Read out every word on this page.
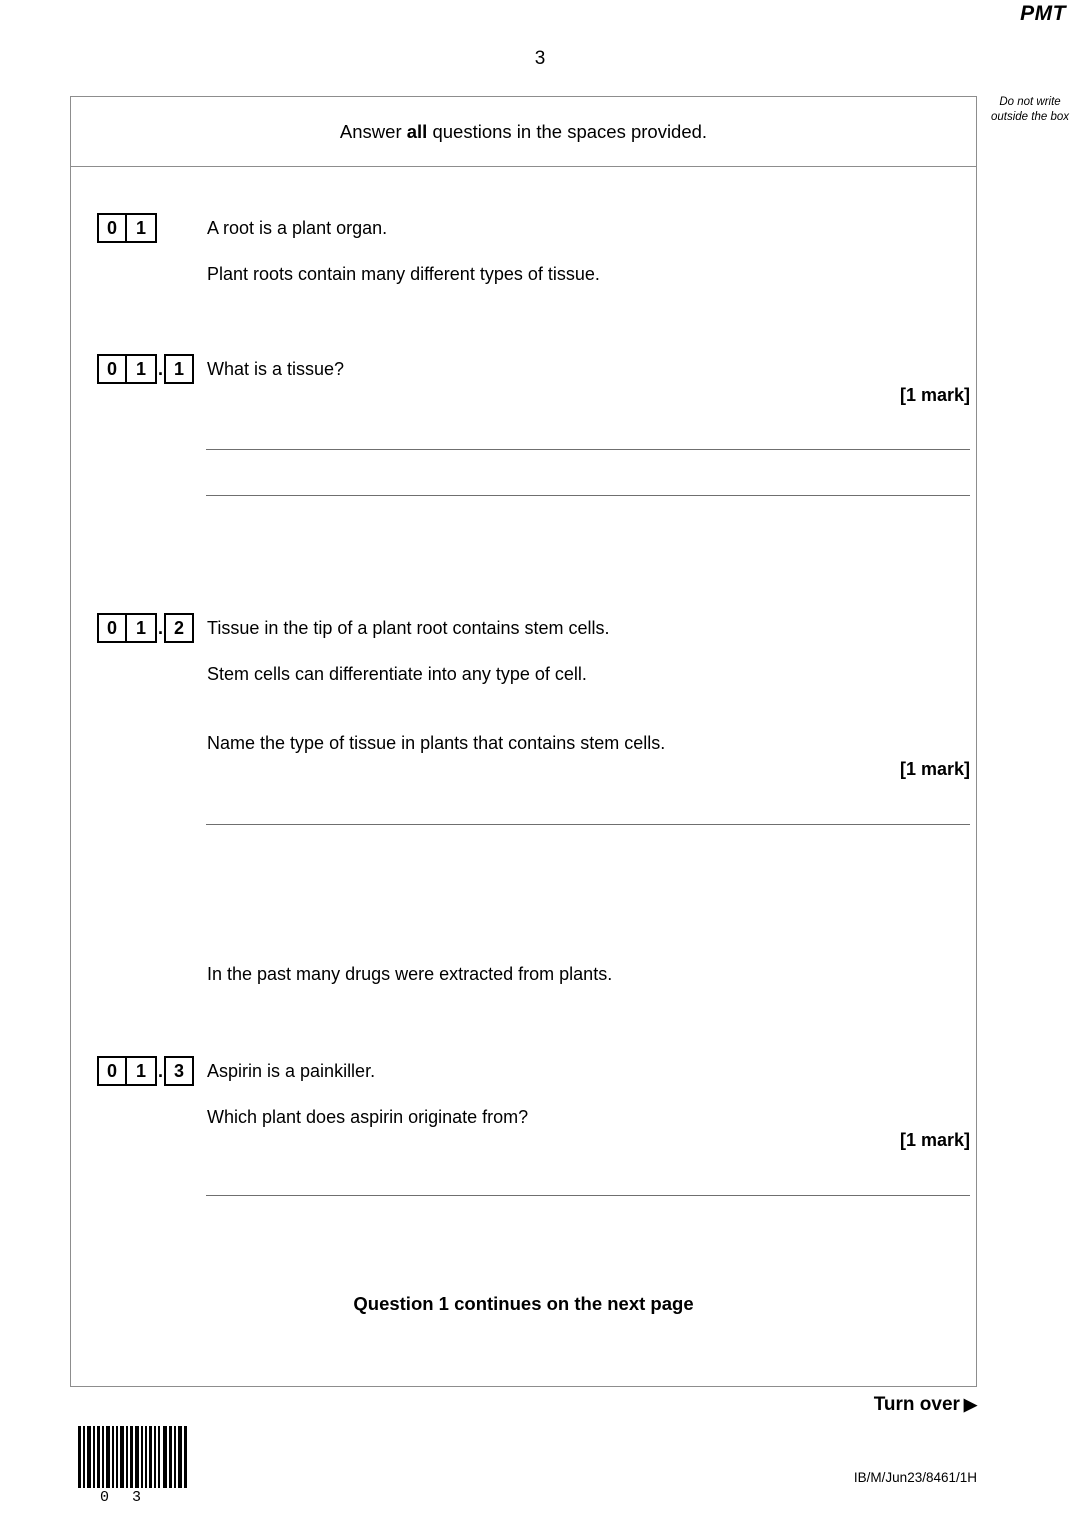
PMT
3
Do not write outside the box
Answer all questions in the spaces provided.
0	1	A root is a plant organ.
Plant roots contain many different types of tissue.
0	1 . 1	What is a tissue?
[1 mark]
0	1 . 2	Tissue in the tip of a plant root contains stem cells.
Stem cells can differentiate into any type of cell.
Name the type of tissue in plants that contains stem cells.
[1 mark]
In the past many drugs were extracted from plants.
0	1 . 3	Aspirin is a painkiller.
Which plant does aspirin originate from?
[1 mark]
Question 1 continues on the next page
Turn over ▶
0 3
IB/M/Jun23/8461/1H
